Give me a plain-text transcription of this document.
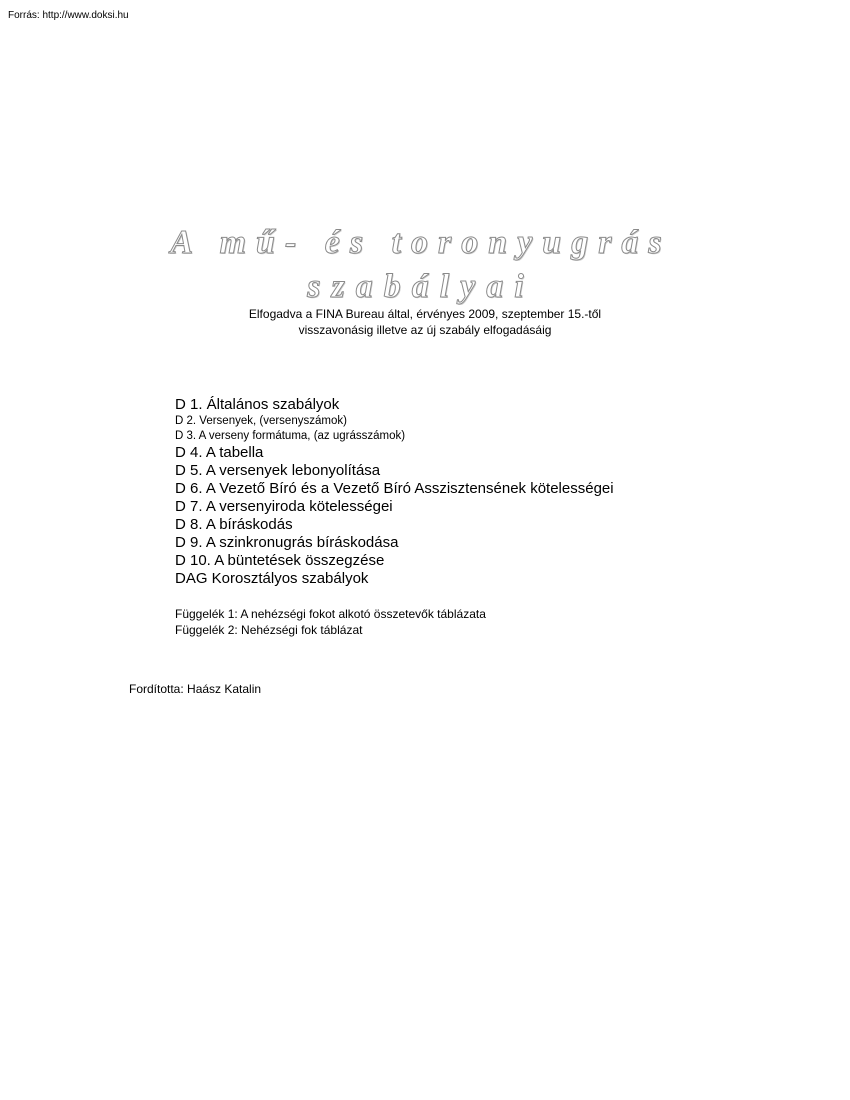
Forrás: http://www.doksi.hu
A mű- és toronyugrás
szabályai
Elfogadva a FINA Bureau által, érvényes 2009, szeptember 15.-től
visszavonásig illetve az új szabály elfogadásáig
D 1. Általános szabályok
D 2. Versenyek, (versenyszámok)
D 3. A verseny formátuma, (az ugrásszámok)
D 4. A tabella
D 5. A versenyek lebonyolítása
D 6. A Vezető Bíró és a Vezető Bíró Asszisztensének kötelességei
D 7. A versenyiroda kötelességei
D 8. A bíráskodás
D 9. A szinkronugrás bíráskodása
D 10. A büntetések összegzése
DAG Korosztályos szabályok
Függelék 1: A nehézségi fokot alkotó összetevők táblázata
Függelék 2: Nehézségi fok táblázat
Fordította: Haász Katalin
